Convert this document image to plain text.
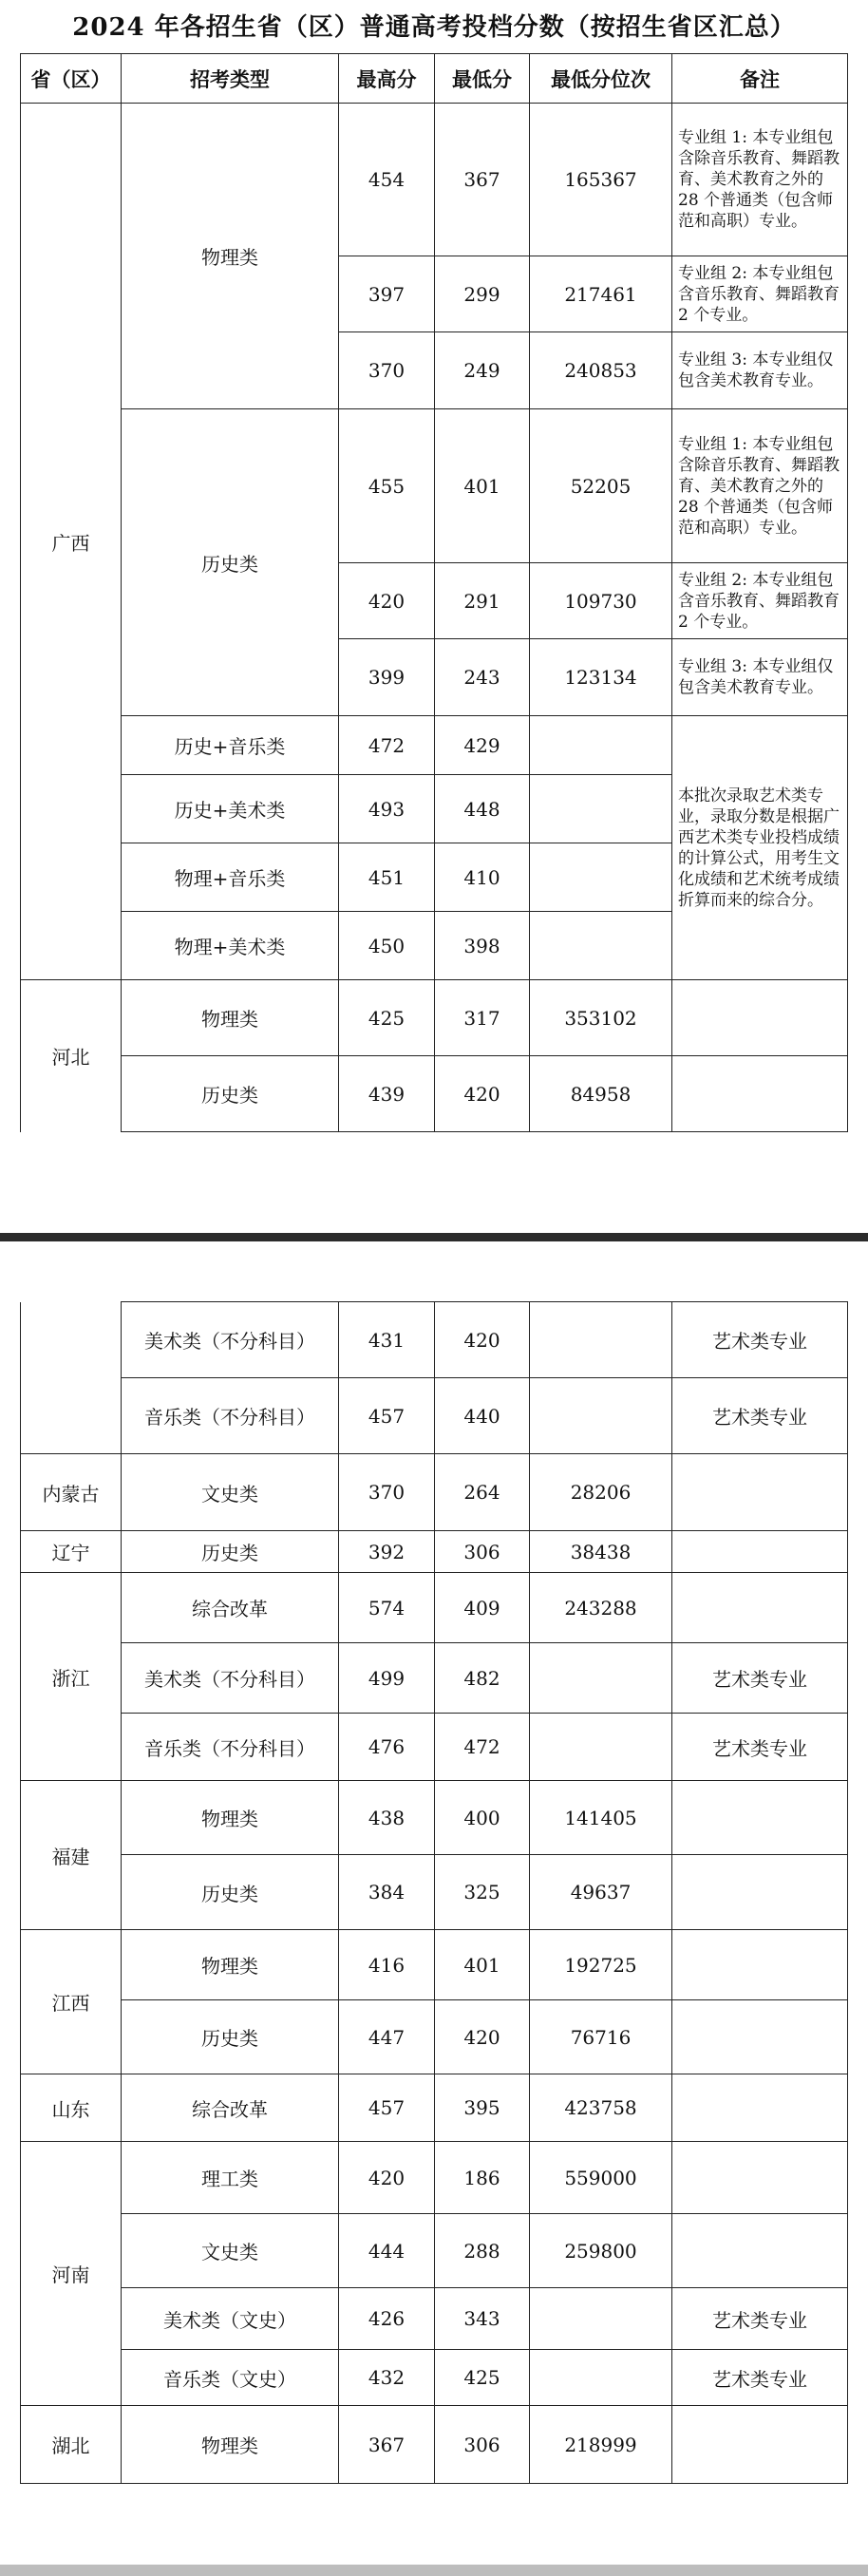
2024 年各招生省（区）普通高考投档分数（按招生省区汇总）
省（区）	招考类型	最高分	最低分	最低分位次	备注
广西	物理类	454	367	165367	专业组 1: 本专业组包含除音乐教育、舞蹈教育、美术教育之外的 28 个普通类（包含师范和高职）专业。
		397	299	217461	专业组 2: 本专业组包含音乐教育、舞蹈教育 2 个专业。
		370	249	240853	专业组 3: 本专业组仅包含美术教育专业。
	历史类	455	401	52205	专业组 1: 本专业组包含除音乐教育、舞蹈教育、美术教育之外的 28 个普通类（包含师范和高职）专业。
		420	291	109730	专业组 2: 本专业组包含音乐教育、舞蹈教育 2 个专业。
		399	243	123134	专业组 3: 本专业组仅包含美术教育专业。
	历史+音乐类	472	429		本批次录取艺术类专业，录取分数是根据广西艺术类专业投档成绩的计算公式，用考生文化成绩和艺术统考成绩折算而来的综合分。
	历史+美术类	493	448		
	物理+音乐类	451	410		
	物理+美术类	450	398		
河北	物理类	425	317	353102	
	历史类	439	420	84958	
	美术类（不分科目）	431	420		艺术类专业
	音乐类（不分科目）	457	440		艺术类专业
内蒙古	文史类	370	264	28206	
辽宁	历史类	392	306	38438	
浙江	综合改革	574	409	243288	
	美术类（不分科目）	499	482		艺术类专业
	音乐类（不分科目）	476	472		艺术类专业
福建	物理类	438	400	141405	
	历史类	384	325	49637	
江西	物理类	416	401	192725	
	历史类	447	420	76716	
山东	综合改革	457	395	423758	
河南	理工类	420	186	559000	
	文史类	444	288	259800	
	美术类（文史）	426	343		艺术类专业
	音乐类（文史）	432	425		艺术类专业
湖北	物理类	367	306	218999	
